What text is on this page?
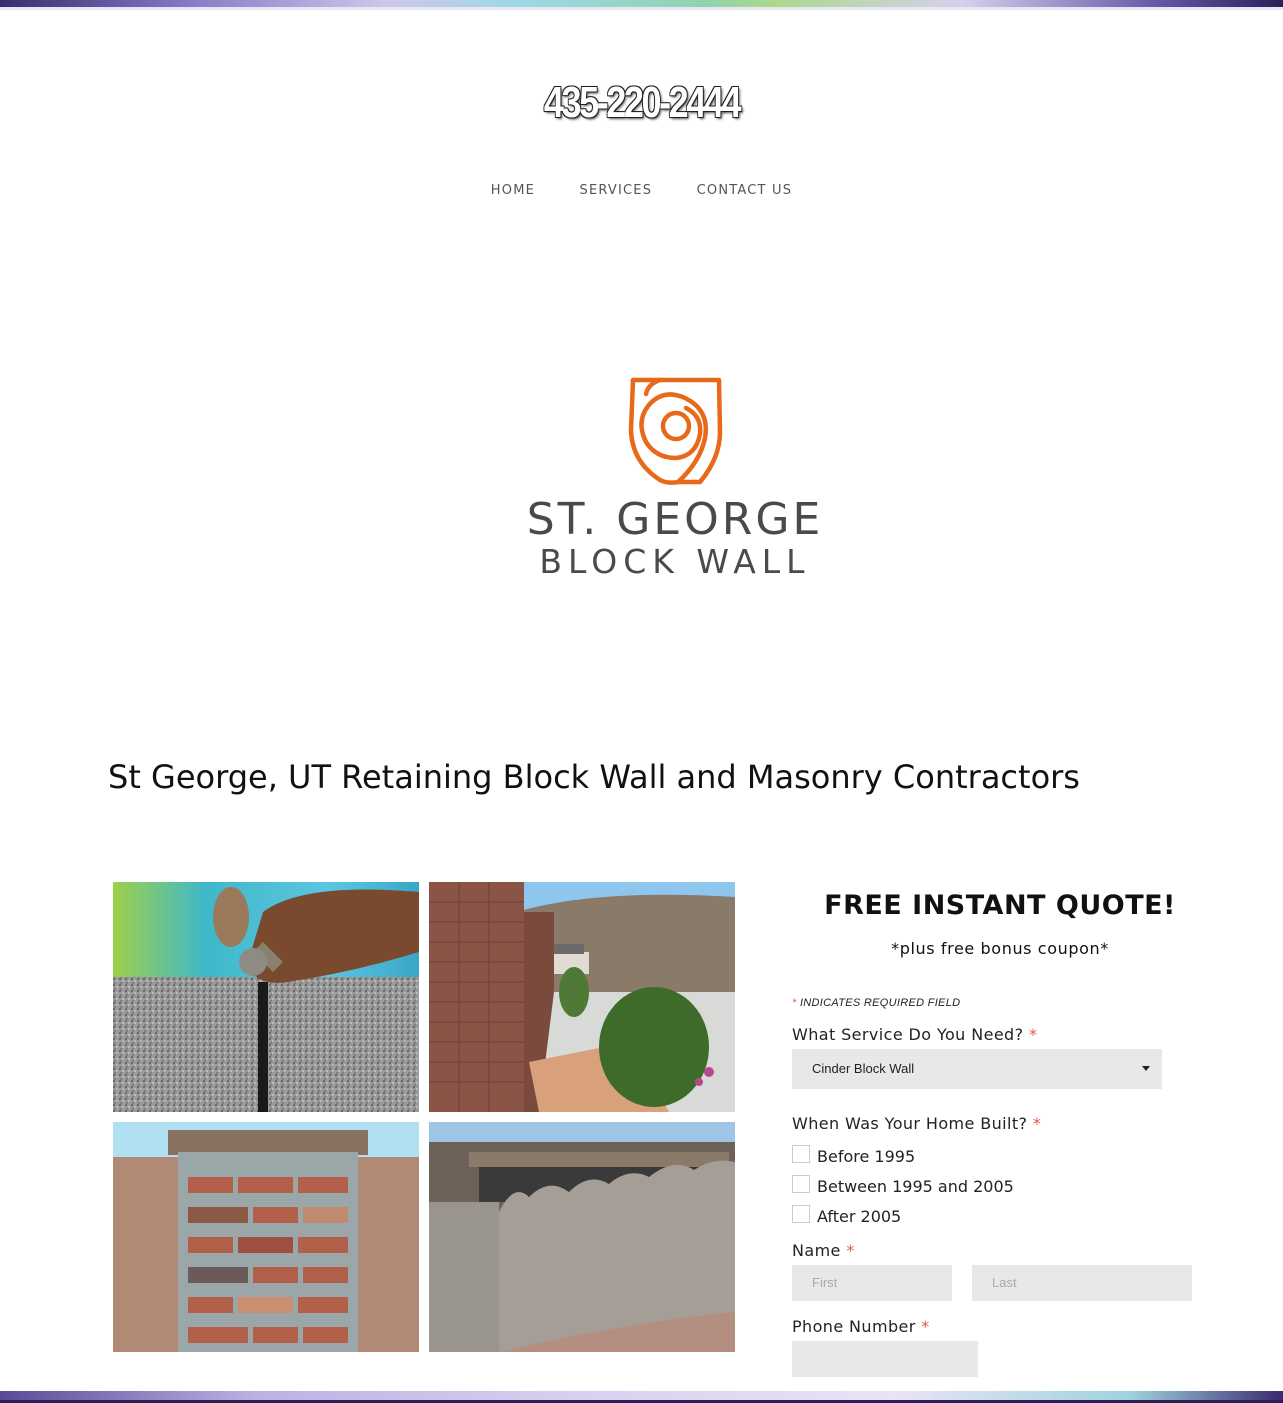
435-220-2444
HOME	SERVICES	CONTACT US
ST. GEORGE
BLOCK WALL
St George, UT Retaining Block Wall and Masonry Contractors
FREE INSTANT QUOTE!
*plus free bonus coupon*
* INDICATES REQUIRED FIELD
What Service Do You Need? *
Cinder Block Wall
When Was Your Home Built? *
Before 1995
Between 1995 and 2005
After 2005
Name *
First	Last
Phone Number *
